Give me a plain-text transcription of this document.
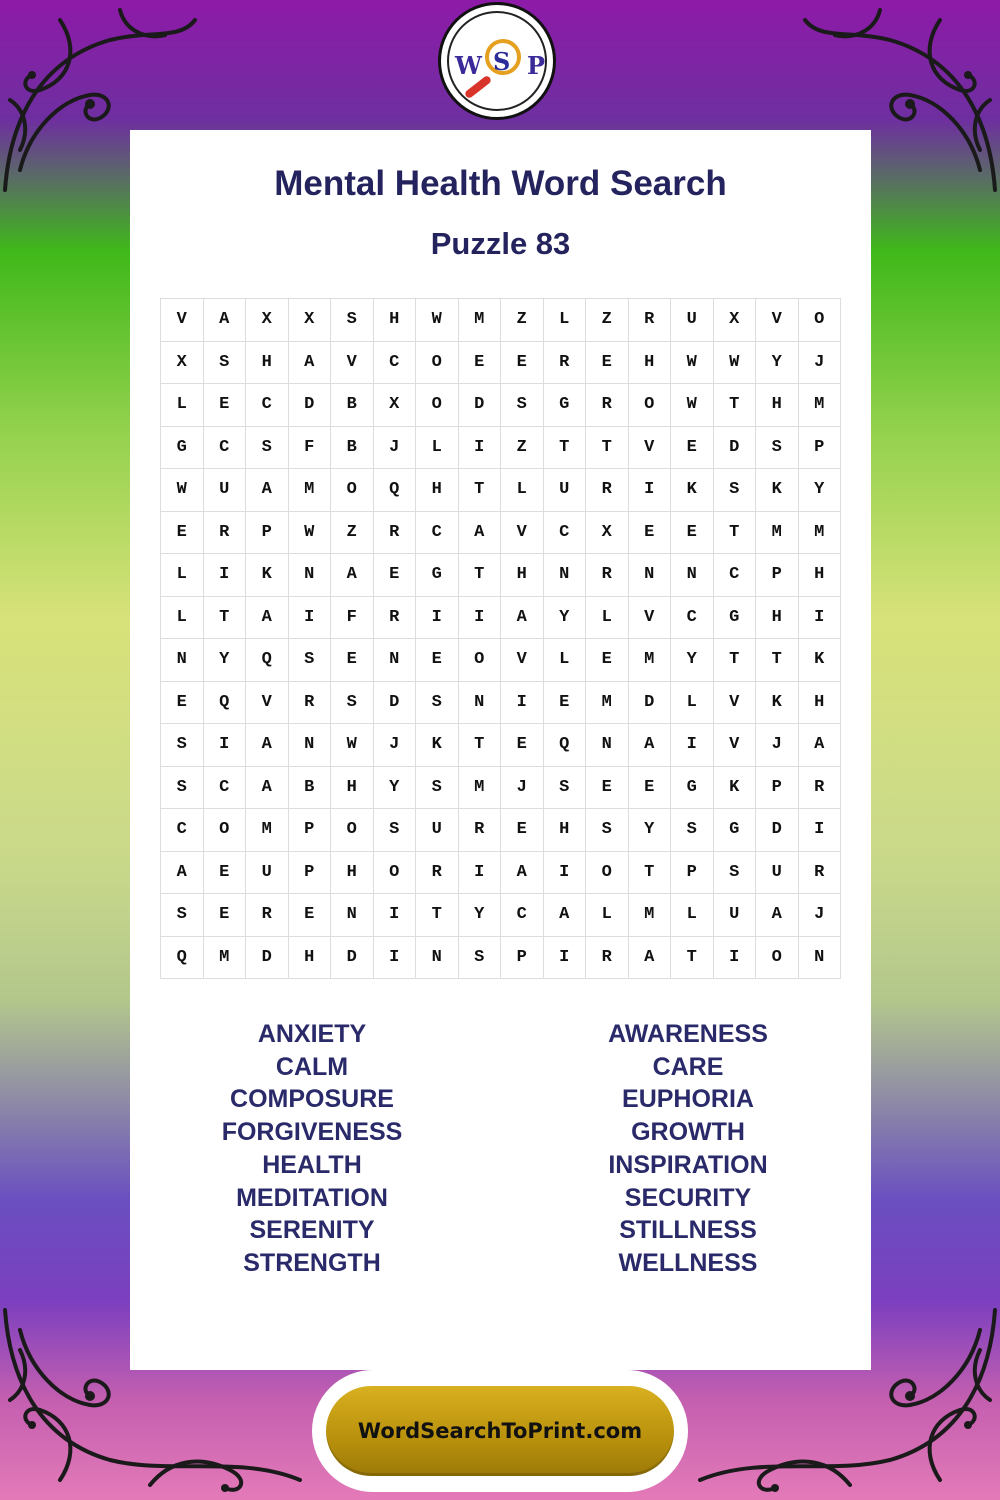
W S P
Mental Health Word Search
Puzzle 83
V	A	X	X	S	H	W	M	Z	L	Z	R	U	X	V	O
X	S	H	A	V	C	O	E	E	R	E	H	W	W	Y	J
L	E	C	D	B	X	O	D	S	G	R	O	W	T	H	M
G	C	S	F	B	J	L	I	Z	T	T	V	E	D	S	P
W	U	A	M	O	Q	H	T	L	U	R	I	K	S	K	Y
E	R	P	W	Z	R	C	A	V	C	X	E	E	T	M	M
L	I	K	N	A	E	G	T	H	N	R	N	N	C	P	H
L	T	A	I	F	R	I	I	A	Y	L	V	C	G	H	I
N	Y	Q	S	E	N	E	O	V	L	E	M	Y	T	T	K
E	Q	V	R	S	D	S	N	I	E	M	D	L	V	K	H
S	I	A	N	W	J	K	T	E	Q	N	A	I	V	J	A
S	C	A	B	H	Y	S	M	J	S	E	E	G	K	P	R
C	O	M	P	O	S	U	R	E	H	S	Y	S	G	D	I
A	E	U	P	H	O	R	I	A	I	O	T	P	S	U	R
S	E	R	E	N	I	T	Y	C	A	L	M	L	U	A	J
Q	M	D	H	D	I	N	S	P	I	R	A	T	I	O	N
ANXIETY
CALM
COMPOSURE
FORGIVENESS
HEALTH
MEDITATION
SERENITY
STRENGTH
AWARENESS
CARE
EUPHORIA
GROWTH
INSPIRATION
SECURITY
STILLNESS
WELLNESS
WordSearchToPrint.com
